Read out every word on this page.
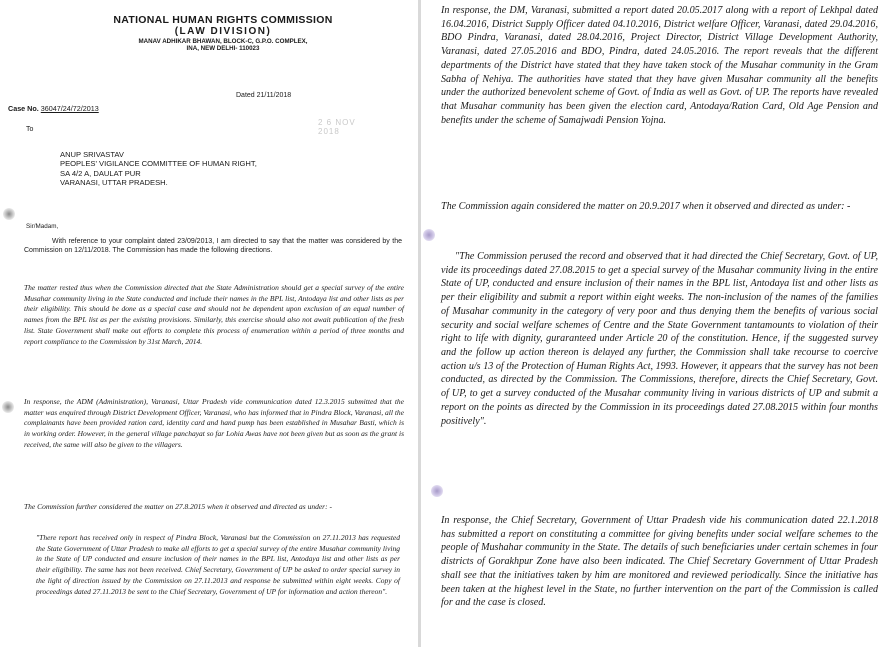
NATIONAL HUMAN RIGHTS COMMISSION
(LAW DIVISION)
MANAV ADHIKAR BHAWAN, BLOCK-C, G.P.O. COMPLEX,
INA, NEW DELHI- 110023
Dated 21/11/2018
Case No. 36047/24/72/2013
To
2 6 NOV 2018
ANUP SRIVASTAV
PEOPLES' VIGILANCE COMMITTEE OF HUMAN RIGHT,
SA 4/2 A, DAULAT PUR
VARANASI, UTTAR PRADESH.
Sir/Madam,
With reference to your complaint dated 23/09/2013, I am directed to say that the matter was considered by the Commission on 12/11/2018. The Commission has made the following directions.

The matter rested thus when the Commission directed that the State Administration should get a special survey of the entire Musahar community living in the State conducted and include their names in the BPL list, Antodaya list and other lists as per their eligibility. This should be done as a special case and should not be dependent upon exclusion of an equal number of names from the BPL list as per the existing provisions. Similarly, this exercise should also not await publication of the fresh list. State Government shall make out efforts to complete this process of enumeration within a period of three months and report compliance to the Commission by 31st March, 2014.

In response, the ADM (Administration), Varanasi, Uttar Pradesh vide communication dated 12.3.2015 submitted that the matter was enquired through District Development Officer, Varanasi, who has informed that in Pindra Block, Varanasi, all the complainants have been provided ration card, identity card and hand pump has been established in Musahar Basti, which is in working order. However, in the general village panchayat so far Lohia Awas have not been given but as soon as the grant is received, the same will also be given to the villagers.

The Commission further considered the matter on 27.8.2015 when it observed and directed as under: -

"There report has received only in respect of Pindra Block, Varanasi but the Commission on 27.11.2013 has requested the State Government of Uttar Pradesh to make all efforts to get a special survey of the entire Musahar community living in the State of UP conducted and ensure inclusion of their names in the BPL list, Antodaya list and other lists as per their eligibility. The same has not been received. Chief Secretary, Government of UP be asked to order special survey in the light of direction issued by the Commission on 27.11.2013 and response be submitted within eight weeks. Copy of proceedings dated 27.11.2013 be sent to the Chief Secretary, Government of UP for information and action thereon".

In response, the DM, Varanasi, submitted a report dated 20.05.2017 along with a report of Lekhpal dated 16.04.2016, District Supply Officer dated 04.10.2016, District welfare Officer, Varanasi, dated 29.04.2016, BDO Pindra, Varanasi, dated 28.04.2016, Project Director, District Village Development Authority, Varanasi, dated 27.05.2016 and BDO, Pindra, dated 24.05.2016. The report reveals that the different departments of the District have stated that they have taken stock of the Musahar community in the Gram Sabha of Nehiya. The authorities have stated that they have given Musahar community all the benefits under the authorized benevolent scheme of Govt. of India as well as Govt. of UP. The reports have revealed that Musahar community has been given the election card, Antodaya/Ration Card, Old Age Pension and benefits under the scheme of Samajwadi Pension Yojna.

The Commission again considered the matter on 20.9.2017 when it observed and directed as under: -

"The Commission perused the record and observed that it had directed the Chief Secretary, Govt. of UP, vide its proceedings dated 27.08.2015 to get a special survey of the Musahar community living in the entire State of UP, conducted and ensure inclusion of their names in the BPL list, Antodaya list and other lists as per their eligibility and submit a report within eight weeks. The non-inclusion of the names of the families of Musahar community in the category of very poor and thus denying them the benefits of various social security and social welfare schemes of Centre and the State Government tantamounts to violation of their right to life with dignity, guraranteed under Article 20 of the constitution. Hence, if the suggested survey and the follow up action thereon is delayed any further, the Commission shall take recourse to coercive action u/s 13 of the Protection of Human Rights Act, 1993. However, it appears that the survey has not been conducted, as directed by the Commission. The Commissions, therefore, directs the Chief Secretary, Govt. of UP, to get a survey conducted of the Musahar community living in various districts of UP and submit a report on the points as directed by the Commission in its proceedings dated 27.08.2015 within four months positively".

In response, the Chief Secretary, Government of Uttar Pradesh vide his communication dated 22.1.2018 has submitted a report on constituting a committee for giving benefits under social welfare schemes to the people of Mushahar community in the State. The details of such beneficiaries under certain schemes in four districts of Gorakhpur Zone have also been indicated. The Chief Secretary Government of Uttar Pradesh shall see that the initiatives taken by him are monitored and reviewed periodically. Since the initiative has been taken at the highest level in the State, no further intervention on the part of the Commission is called for and the case is closed.
